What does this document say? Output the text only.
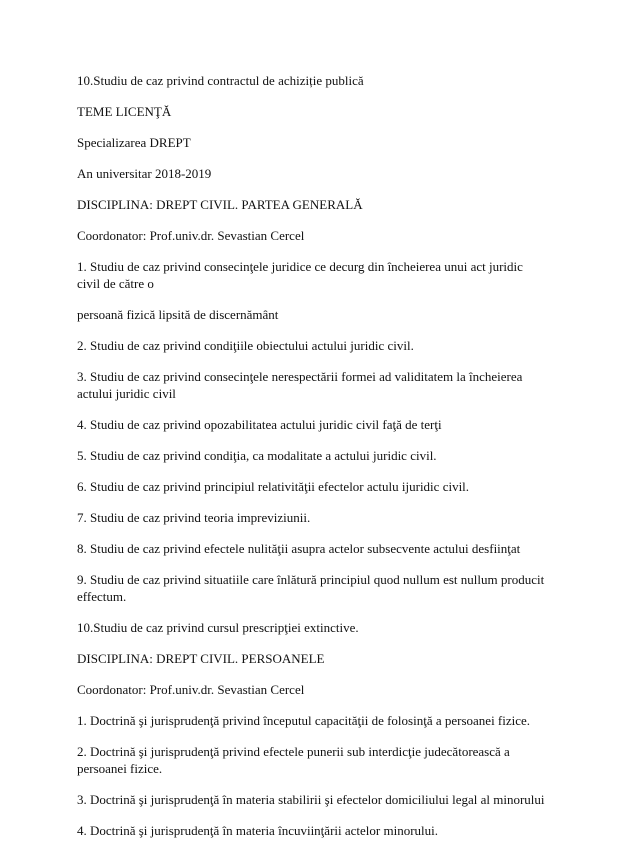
10.Studiu de caz privind contractul de achiziție publică

TEME LICENŢĂ

Specializarea DREPT

An universitar 2018-2019

DISCIPLINA: DREPT CIVIL. PARTEA GENERALĂ

Coordonator: Prof.univ.dr. Sevastian Cercel

1. Studiu de caz privind consecinţele juridice ce decurg din încheierea unui act juridic civil de către o

persoană fizică lipsită de discernământ

2. Studiu de caz privind condiţiile obiectului actului juridic civil.

3. Studiu de caz privind consecinţele nerespectării formei ad validitatem la încheierea actului juridic civil

4. Studiu de caz privind opozabilitatea actului juridic civil faţă de terţi

5. Studiu de caz privind condiţia, ca modalitate a actului juridic civil.

6. Studiu de caz privind principiul relativităţii efectelor actulu ijuridic civil.

7. Studiu de caz privind teoria impreviziunii.

8. Studiu de caz privind efectele nulităţii asupra actelor subsecvente actului desfiinţat

9. Studiu de caz privind situatiile care înlătură principiul quod nullum est nullum producit effectum.

10.Studiu de caz privind cursul prescripţiei extinctive.

DISCIPLINA: DREPT CIVIL. PERSOANELE

Coordonator: Prof.univ.dr. Sevastian Cercel

1. Doctrină şi jurisprudenţă privind începutul capacităţii de folosinţă a persoanei fizice.

2. Doctrină şi jurisprudenţă privind efectele punerii sub interdicţie judecătorească a persoanei fizice.

3. Doctrină şi jurisprudenţă în materia stabilirii şi efectelor domiciliului legal al minorului

4. Doctrină şi jurisprudenţă în materia încuviinţării actelor minorului.
